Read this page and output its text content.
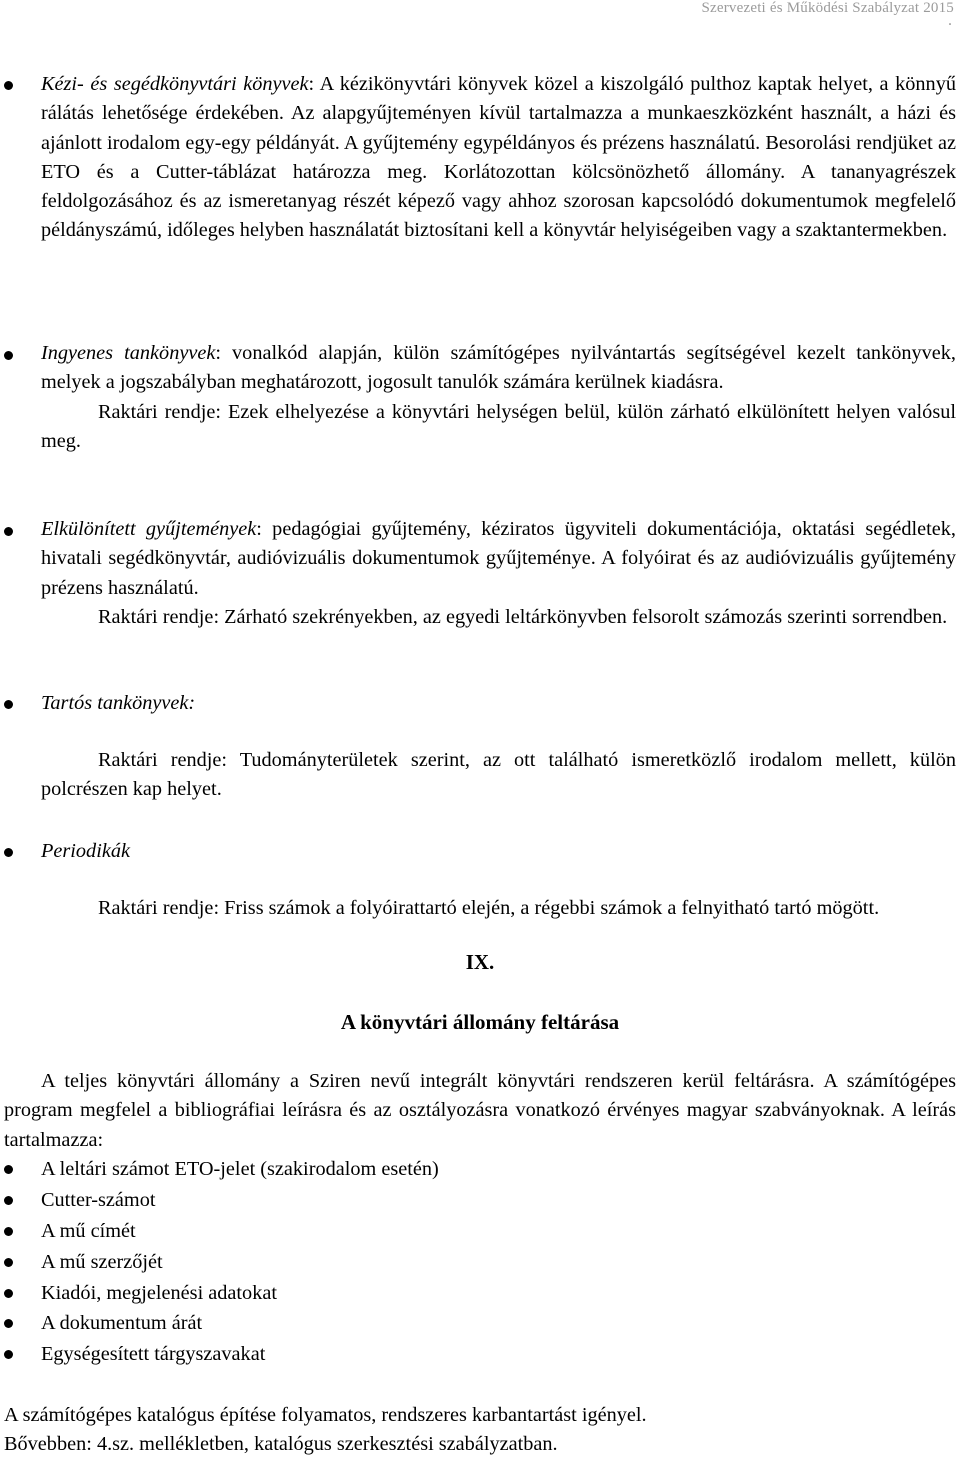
Szervezeti és Működési Szabályzat 2015
.

Kézi- és segédkönyvtári könyvek: A kézikönyvtári könyvek közel a kiszolgáló pulthoz kaptak helyet, a könnyű rálátás lehetősége érdekében. Az alapgyűjteményen kívül tartalmazza a munkaeszközként használt, a házi és ajánlott irodalom egy-egy példányát. A gyűjtemény egypéldányos és prézens használatú. Besorolási rendjüket az ETO és a Cutter-táblázat határozza meg. Korlátozottan kölcsönözhető állomány. A tananyagrészek feldolgozásához és az ismeretanyag részét képező vagy ahhoz szorosan kapcsolódó dokumentumok megfelelő példányszámú, időleges helyben használatát biztosítani kell a könyvtár helyiségeiben vagy a szaktantermekben.

Ingyenes tankönyvek: vonalkód alapján, külön számítógépes nyilvántartás segítségével kezelt tankönyvek, melyek a jogszabályban meghatározott, jogosult tanulók számára kerülnek kiadásra.

Raktári rendje: Ezek elhelyezése a könyvtári helységen belül, külön zárható elkülönített helyen valósul meg.

Elkülönített gyűjtemények: pedagógiai gyűjtemény, kéziratos ügyviteli dokumentációja, oktatási segédletek, hivatali segédkönyvtár, audióvizuális dokumentumok gyűjteménye. A folyóirat és az audióvizuális gyűjtemény prézens használatú.

Raktári rendje: Zárható szekrényekben, az egyedi leltárkönyvben felsorolt számozás szerinti sorrendben.

Tartós tankönyvek:

Raktári rendje: Tudományterületek szerint, az ott található ismeretközlő irodalom mellett, külön polcrészen kap helyet.

Periodikák

Raktári rendje: Friss számok a folyóirattartó elején, a régebbi számok a felnyitható tartó mögött.

IX.
A könyvtári állomány feltárása

A teljes könyvtári állomány a Sziren nevű integrált könyvtári rendszeren kerül feltárásra. A számítógépes program megfelel a bibliográfiai leírásra és az osztályozásra vonatkozó érvényes magyar szabványoknak. A leírás tartalmazza:

A leltári számot ETO-jelet (szakirodalom esetén)
Cutter-számot
A mű címét
A mű szerzőjét
Kiadói, megjelenési adatokat
A dokumentum árát
Egységesített tárgyszavakat

A számítógépes katalógus építése folyamatos, rendszeres karbantartást igényel.

Bővebben: 4.sz. mellékletben, katalógus szerkesztési szabályzatban.
